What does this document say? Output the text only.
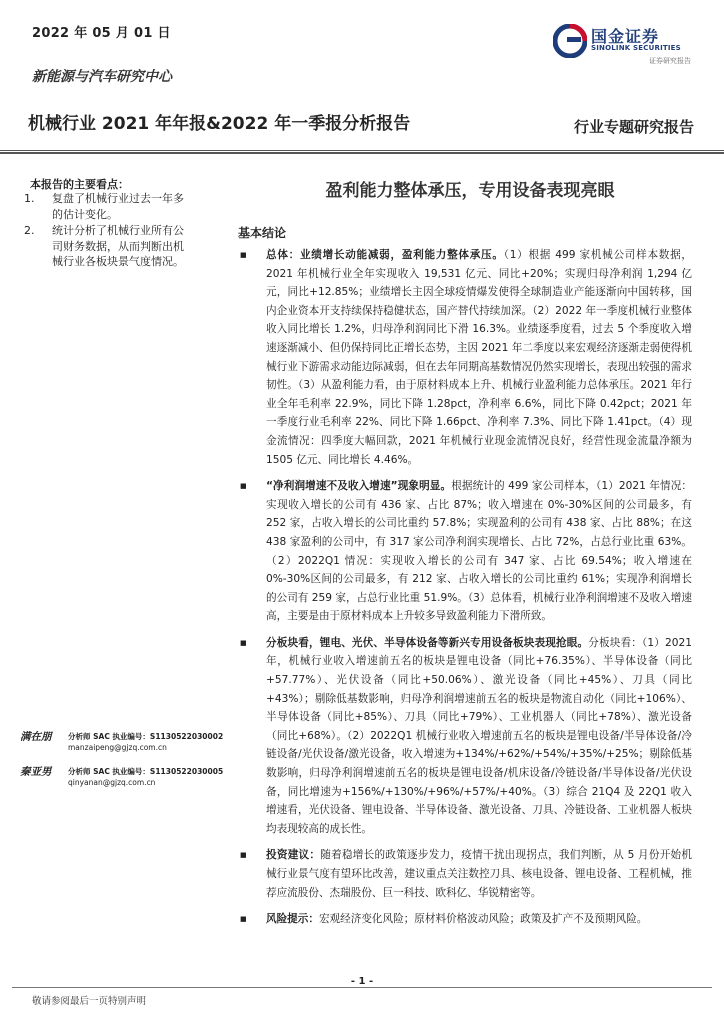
2022 年 05 月 01 日
新能源与汽车研究中心
机械行业 2021 年年报&2022 年一季报分析报告	行业专题研究报告
国金证券
SINOLINK SECURITIES
证券研究报告
本报告的主要看点：
1.	复盘了机械行业过去一年多的估计变化。
2.	统计分析了机械行业所有公司财务数据，从而判断出机械行业各板块景气度情况。
满在朋 分析师 SAC 执业编号：S1130522030002
manzaipeng@gjzq.com.cn
秦亚男 分析师 SAC 执业编号：S1130522030005
qinyanan@gjzq.com.cn
盈利能力整体承压，专用设备表现亮眼
基本结论
■	总体：业绩增长动能减弱，盈利能力整体承压。（1）根据 499 家机械公司样本数据，2021 年机械行业全年实现收入 19,531 亿元、同比+20%；实现归母净利润 1,294 亿元，同比+12.85%；业绩增长主因全球疫情爆发使得全球制造业产能逐渐向中国转移，国内企业资本开支持续保持稳健状态，国产替代持续加深。（2）2022 年一季度机械行业整体收入同比增长 1.2%，归母净利润同比下滑 16.3%。业绩逐季度看，过去 5 个季度收入增速逐渐减小、但仍保持同比正增长态势，主因 2021 年二季度以来宏观经济逐渐走弱使得机械行业下游需求动能边际减弱，但在去年同期高基数情况仍然实现增长，表现出较强的需求韧性。（3）从盈利能力看，由于原材料成本上升、机械行业盈利能力总体承压。2021 年行业全年毛利率 22.9%，同比下降 1.28pct，净利率 6.6%，同比下降 0.42pct；2021 年一季度行业毛利率 22%、同比下降 1.66pct、净利率 7.3%、同比下降 1.41pct。（4）现金流情况：四季度大幅回款，2021 年机械行业现金流情况良好，经营性现金流量净额为 1505 亿元、同比增长 4.46%。
■	“净利润增速不及收入增速”现象明显。根据统计的 499 家公司样本，（1）2021 年情况：实现收入增长的公司有 436 家、占比 87%；收入增速在 0%-30%区间的公司最多，有 252 家，占收入增长的公司比重约 57.8%；实现盈利的公司有 438 家、占比 88%；在这 438 家盈利的公司中，有 317 家公司净利润实现增长、占比 72%，占总行业比重 63%。（2）2022Q1 情况：实现收入增长的公司有 347 家、占比 69.54%；收入增速在 0%-30%区间的公司最多，有 212 家、占收入增长的公司比重约 61%；实现净利润增长的公司有 259 家，占总行业比重 51.9%。（3）总体看，机械行业净利润增速不及收入增速高，主要是由于原材料成本上升较多导致盈利能力下滑所致。
■	分板块看，锂电、光伏、半导体设备等新兴专用设备板块表现抢眼。分板块看：（1）2021 年，机械行业收入增速前五名的板块是锂电设备（同比+76.35%）、半导体设备（同比+57.77%）、光伏设备（同比+50.06%）、激光设备（同比+45%）、刀具（同比+43%）；剔除低基数影响，归母净利润增速前五名的板块是物流自动化（同比+106%）、半导体设备（同比+85%）、刀具（同比+79%）、工业机器人（同比+78%）、激光设备（同比+68%）。（2）2022Q1 机械行业收入增速前五名的板块是锂电设备/半导体设备/冷链设备/光伏设备/激光设备，收入增速为+134%/+62%/+54%/+35%/+25%；剔除低基数影响，归母净利润增速前五名的板块是锂电设备/机床设备/冷链设备/半导体设备/光伏设备，同比增速为+156%/+130%/+96%/+57%/+40%。（3）综合 21Q4 及 22Q1 收入增速看，光伏设备、锂电设备、半导体设备、激光设备、刀具、冷链设备、工业机器人板块均表现较高的成长性。
■	投资建议：随着稳增长的政策逐步发力，疫情干扰出现拐点，我们判断，从 5 月份开始机械行业景气度有望环比改善，建议重点关注数控刀具、核电设备、锂电设备、工程机械，推荐应流股份、杰瑞股份、巨一科技、欧科亿、华锐精密等。
■	风险提示：宏观经济变化风险；原材料价格波动风险；政策及扩产不及预期风险。
- 1 -
敬请参阅最后一页特别声明
